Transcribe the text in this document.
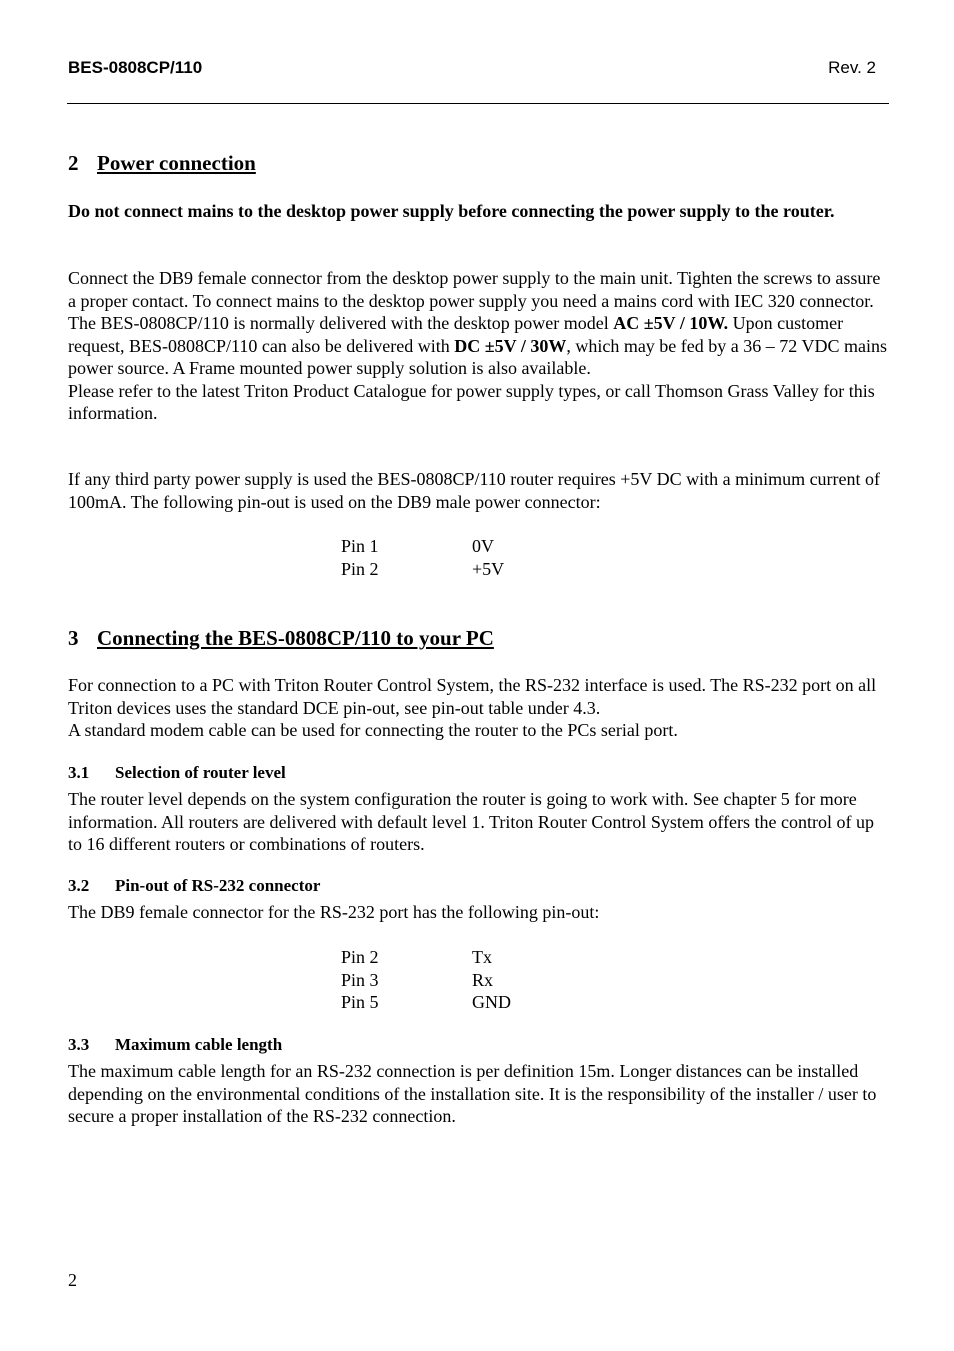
BES-0808CP/110	Rev. 2
2 Power connection

Do not connect mains to the desktop power supply before connecting the power supply to the router.

Connect the DB9 female connector from the desktop power supply to the main unit. Tighten the screws to assure a proper contact. To connect mains to the desktop power supply you need a mains cord with IEC 320 connector.

The BES-0808CP/110 is normally delivered with the desktop power model AC ±5V / 10W. Upon customer request, BES-0808CP/110 can also be delivered with DC ±5V / 30W, which may be fed by a 36 – 72 VDC mains power source. A Frame mounted power supply solution is also available.

Please refer to the latest Triton Product Catalogue for power supply types, or call Thomson Grass Valley for this information.

If any third party power supply is used the BES-0808CP/110 router requires +5V DC with a minimum current of 100mA. The following pin-out is used on the DB9 male power connector:

Pin 1	0V
Pin 2	+5V
3 Connecting the BES-0808CP/110 to your PC

For connection to a PC with Triton Router Control System, the RS-232 interface is used. The RS-232 port on all Triton devices uses the standard DCE pin-out, see pin-out table under 4.3.

A standard modem cable can be used for connecting the router to the PCs serial port.

3.1 Selection of router level

The router level depends on the system configuration the router is going to work with. See chapter 5 for more information. All routers are delivered with default level 1. Triton Router Control System offers the control of up to 16 different routers or combinations of routers.

3.2 Pin-out of RS-232 connector

The DB9 female connector for the RS-232 port has the following pin-out:

Pin 2	Tx
Pin 3	Rx
Pin 5	GND
3.3 Maximum cable length

The maximum cable length for an RS-232 connection is per definition 15m. Longer distances can be installed depending on the environmental conditions of the installation site. It is the responsibility of the installer / user to secure a proper installation of the RS-232 connection.

2
